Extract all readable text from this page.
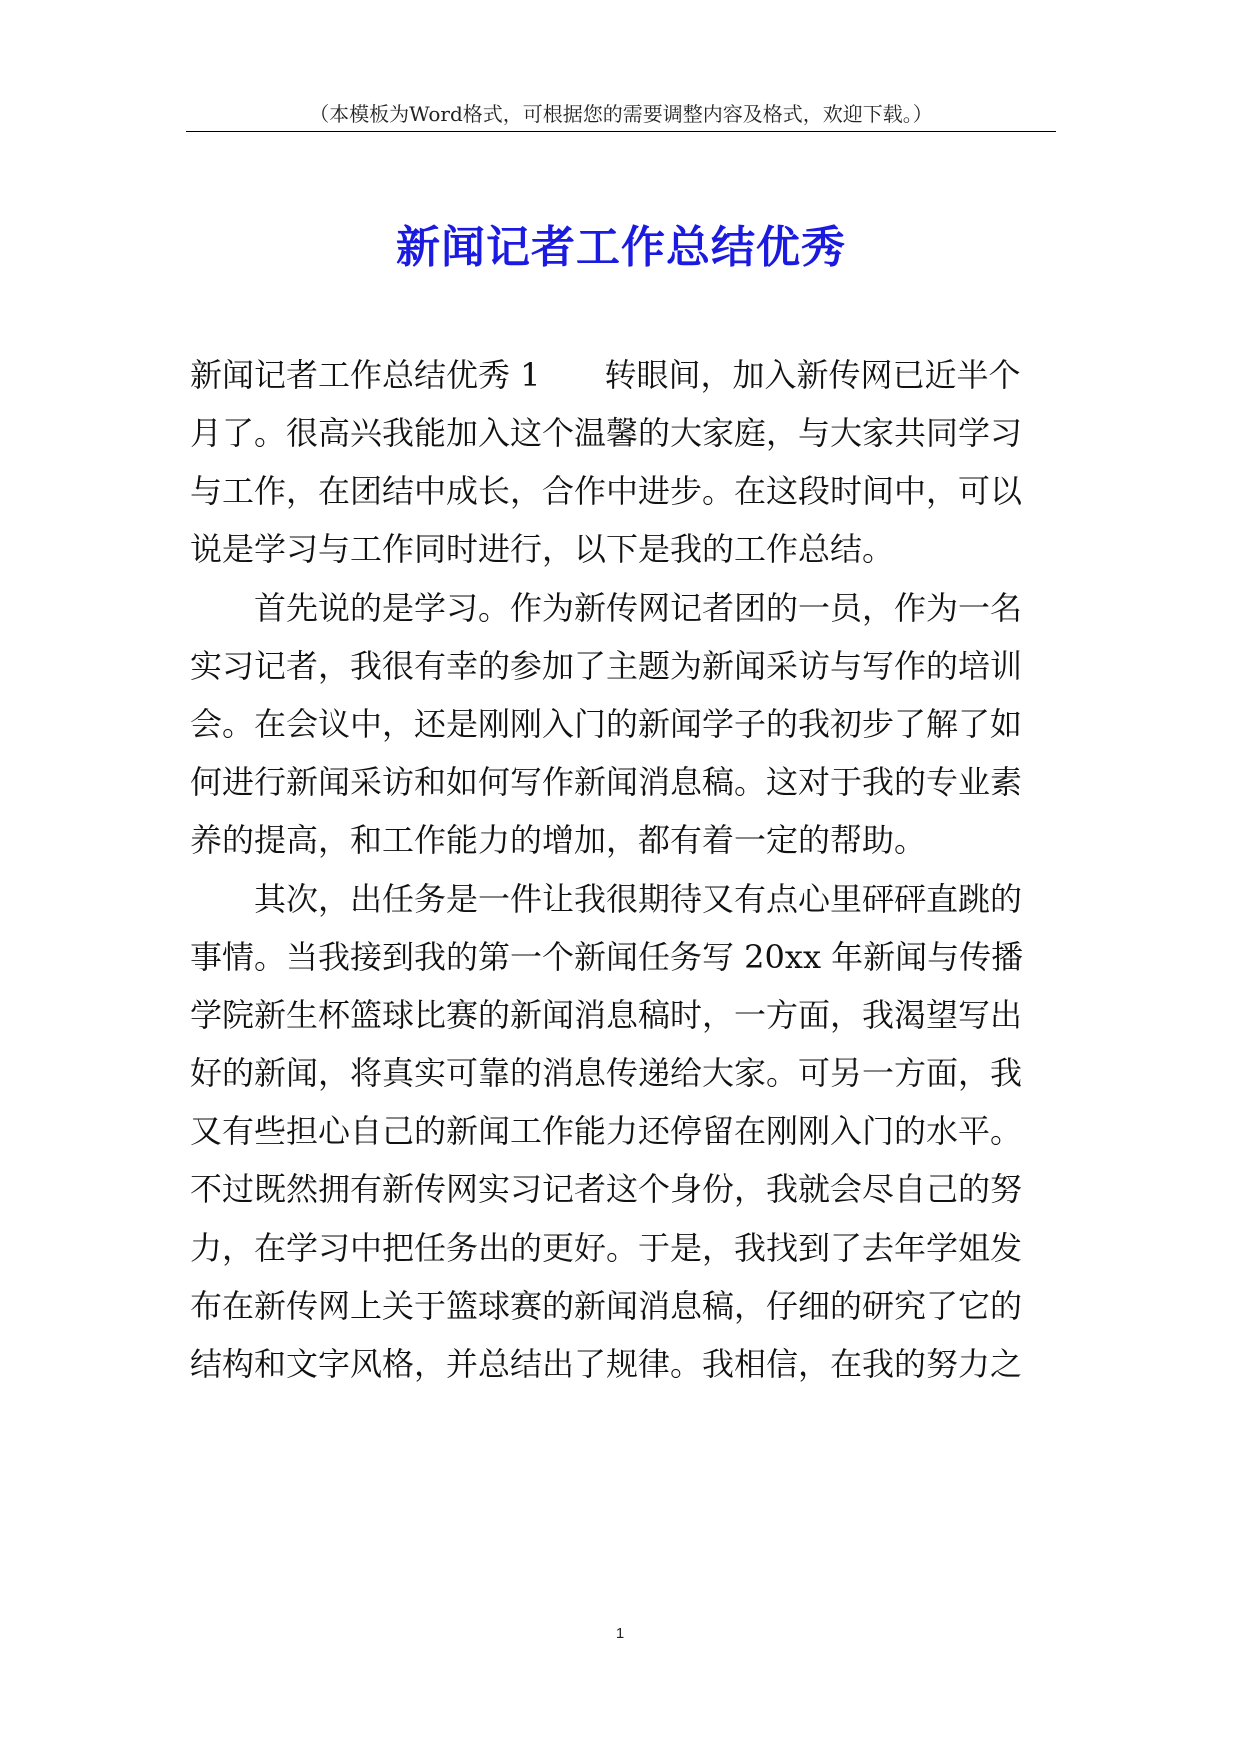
（本模板为Word格式，可根据您的需要调整内容及格式，欢迎下载。）
新闻记者工作总结优秀
新闻记者工作总结优秀 1　　转眼间，加入新传网已近半个
月了。很高兴我能加入这个温馨的大家庭，与大家共同学习
与工作，在团结中成长，合作中进步。在这段时间中，可以
说是学习与工作同时进行，以下是我的工作总结。
　首先说的是学习。作为新传网记者团的一员，作为一名
实习记者，我很有幸的参加了主题为新闻采访与写作的培训
会。在会议中，还是刚刚入门的新闻学子的我初步了解了如
何进行新闻采访和如何写作新闻消息稿。这对于我的专业素
养的提高，和工作能力的增加，都有着一定的帮助。
　其次，出任务是一件让我很期待又有点心里砰砰直跳的
事情。当我接到我的第一个新闻任务写 20xx 年新闻与传播
学院新生杯篮球比赛的新闻消息稿时，一方面，我渴望写出
好的新闻，将真实可靠的消息传递给大家。可另一方面，我
又有些担心自己的新闻工作能力还停留在刚刚入门的水平。
不过既然拥有新传网实习记者这个身份，我就会尽自己的努
力，在学习中把任务出的更好。于是，我找到了去年学姐发
布在新传网上关于篮球赛的新闻消息稿，仔细的研究了它的
结构和文字风格，并总结出了规律。我相信，在我的努力之
1
